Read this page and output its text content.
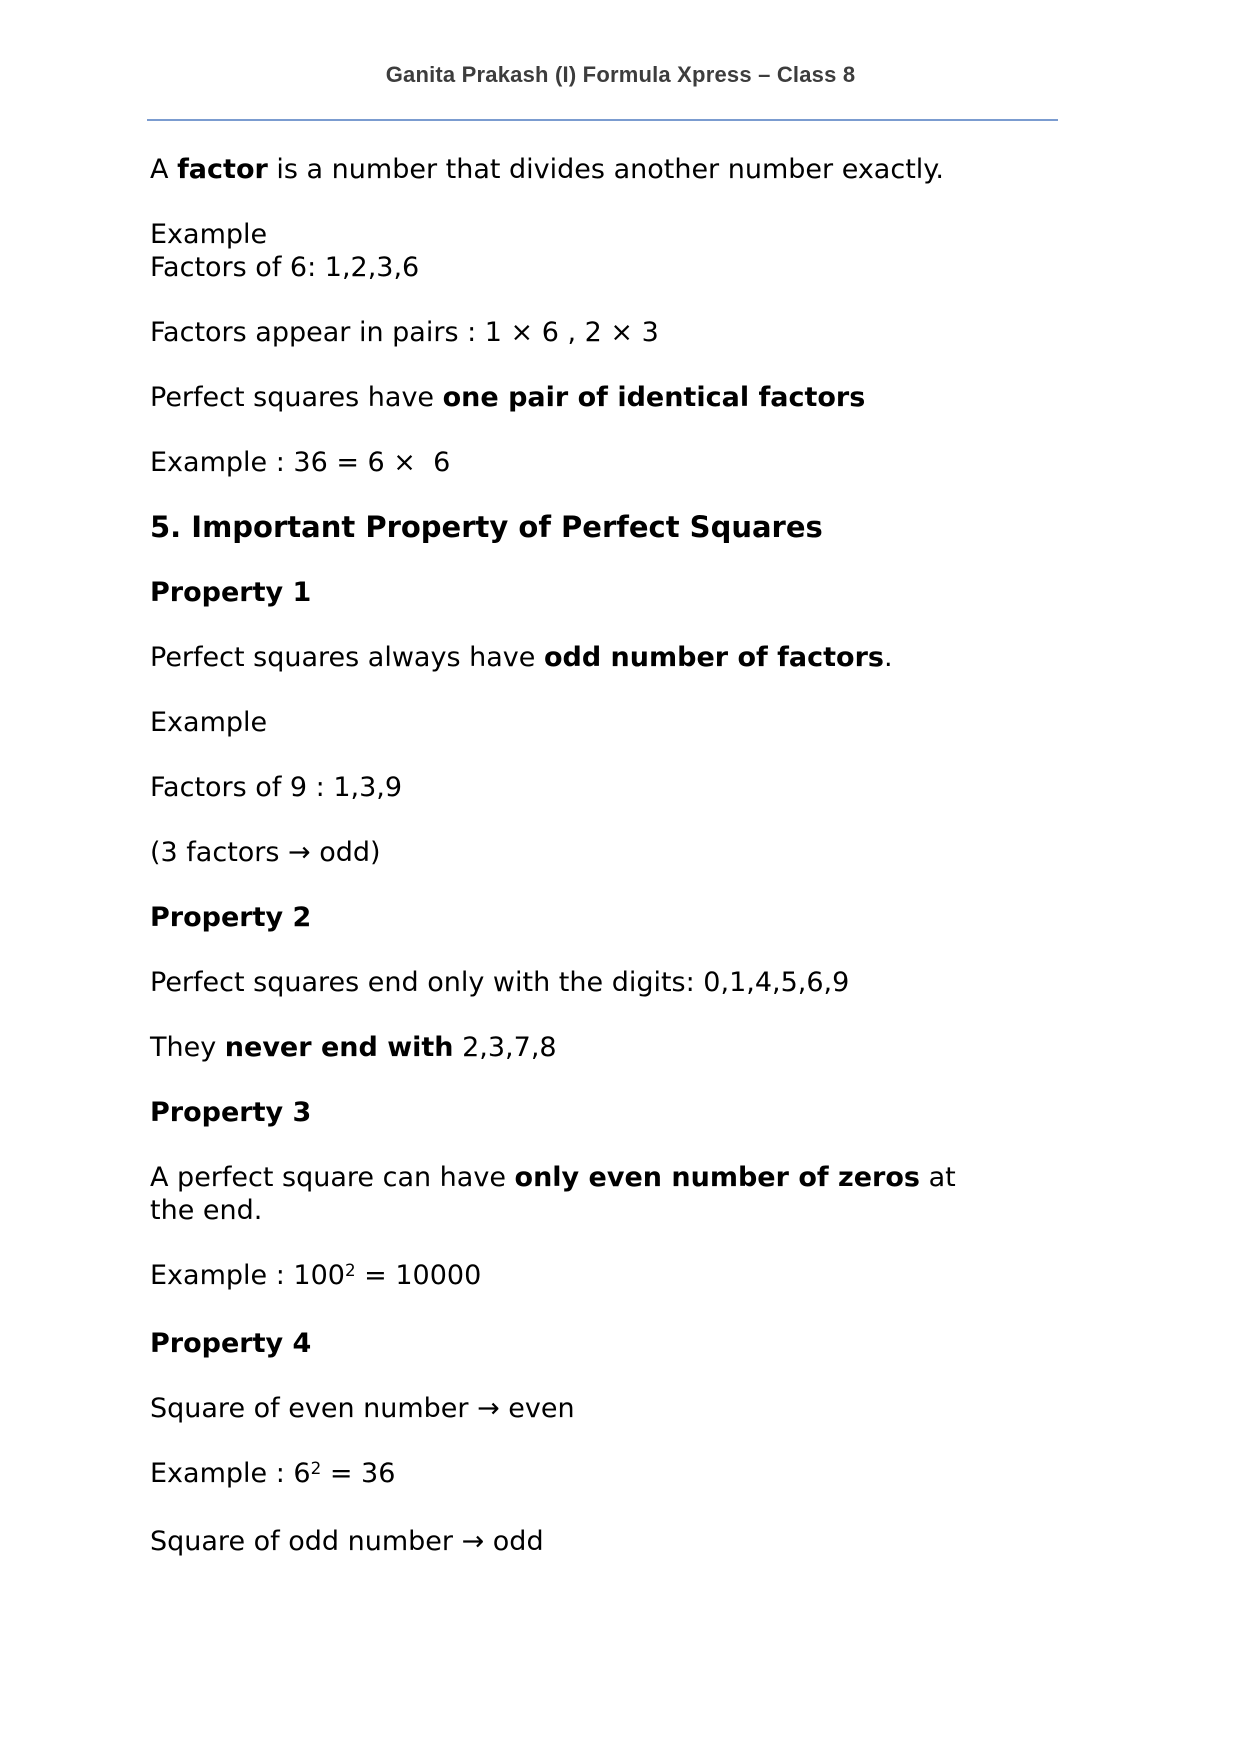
Ganita Prakash (I) Formula Xpress – Class 8
A factor is a number that divides another number exactly.
Example
Factors of 6: 1,2,3,6
Factors appear in pairs : 1 × 6 , 2 × 3
Perfect squares have one pair of identical factors
Example : 36 = 6 ×  6
5. Important Property of Perfect Squares
Property 1
Perfect squares always have odd number of factors.
Example
Factors of 9 : 1,3,9
(3 factors → odd)
Property 2
Perfect squares end only with the digits: 0,1,4,5,6,9
They never end with 2,3,7,8
Property 3
A perfect square can have only even number of zeros at
the end.
Example : $100^2 = 10000$
Property 4
Square of even number → even
Example : $6^2 = 36$
Square of odd number → odd
